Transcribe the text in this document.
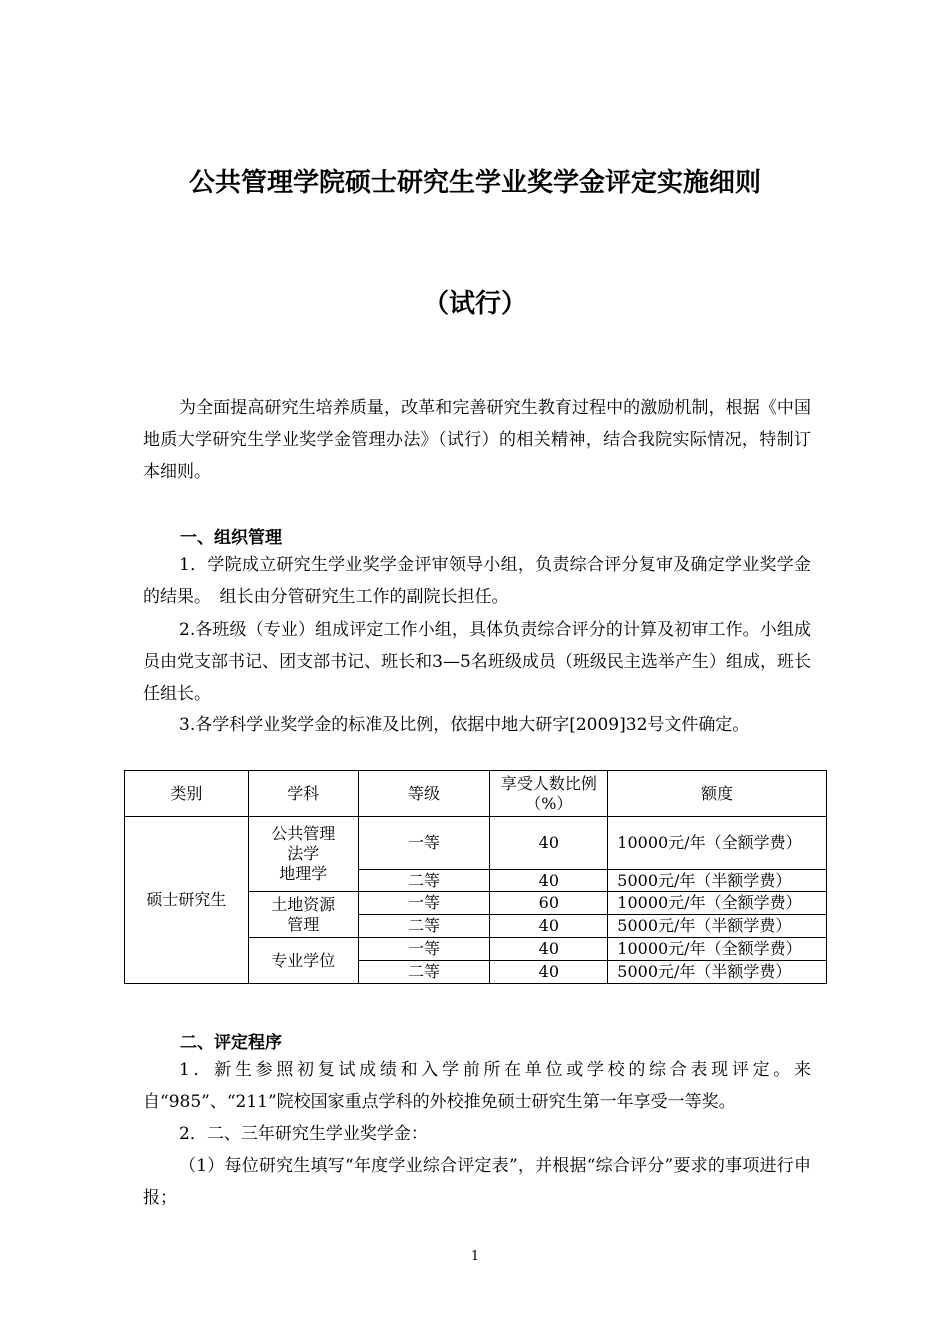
公共管理学院硕士研究生学业奖学金评定实施细则
（试行）
为全面提高研究生培养质量，改革和完善研究生教育过程中的激励机制，根据《中国地质大学研究生学业奖学金管理办法》（试行）的相关精神，结合我院实际情况，特制订本细则。
一、组织管理
1．学院成立研究生学业奖学金评审领导小组，负责综合评分复审及确定学业奖学金的结果。　组长由分管研究生工作的副院长担任。
2.各班级（专业）组成评定工作小组，具体负责综合评分的计算及初审工作。小组成员由党支部书记、团支部书记、班长和3—5名班级成员（班级民主选举产生）组成，班长任组长。
3.各学科学业奖学金的标准及比例，依据中地大研字[2009]32号文件确定。
类别	学科	等级	享受人数比例（%）	额度
硕士研究生	公共管理
法学
地理学	一等	40	10000元/年（全额学费）
		二等	40	5000元/年（半额学费）
	土地资源
管理	一等	60	10000元/年（全额学费）
		二等	40	5000元/年（半额学费）
	专业学位	一等	40	10000元/年（全额学费）
		二等	40	5000元/年（半额学费）
二、评定程序
1．新生参照初复试成绩和入学前所在单位或学校的综合表现评定。来自“985”、“211”院校国家重点学科的外校推免硕士研究生第一年享受一等奖。
2．二、三年研究生学业奖学金：
（1）每位研究生填写“年度学业综合评定表”，并根据“综合评分”要求的事项进行申报；
1
